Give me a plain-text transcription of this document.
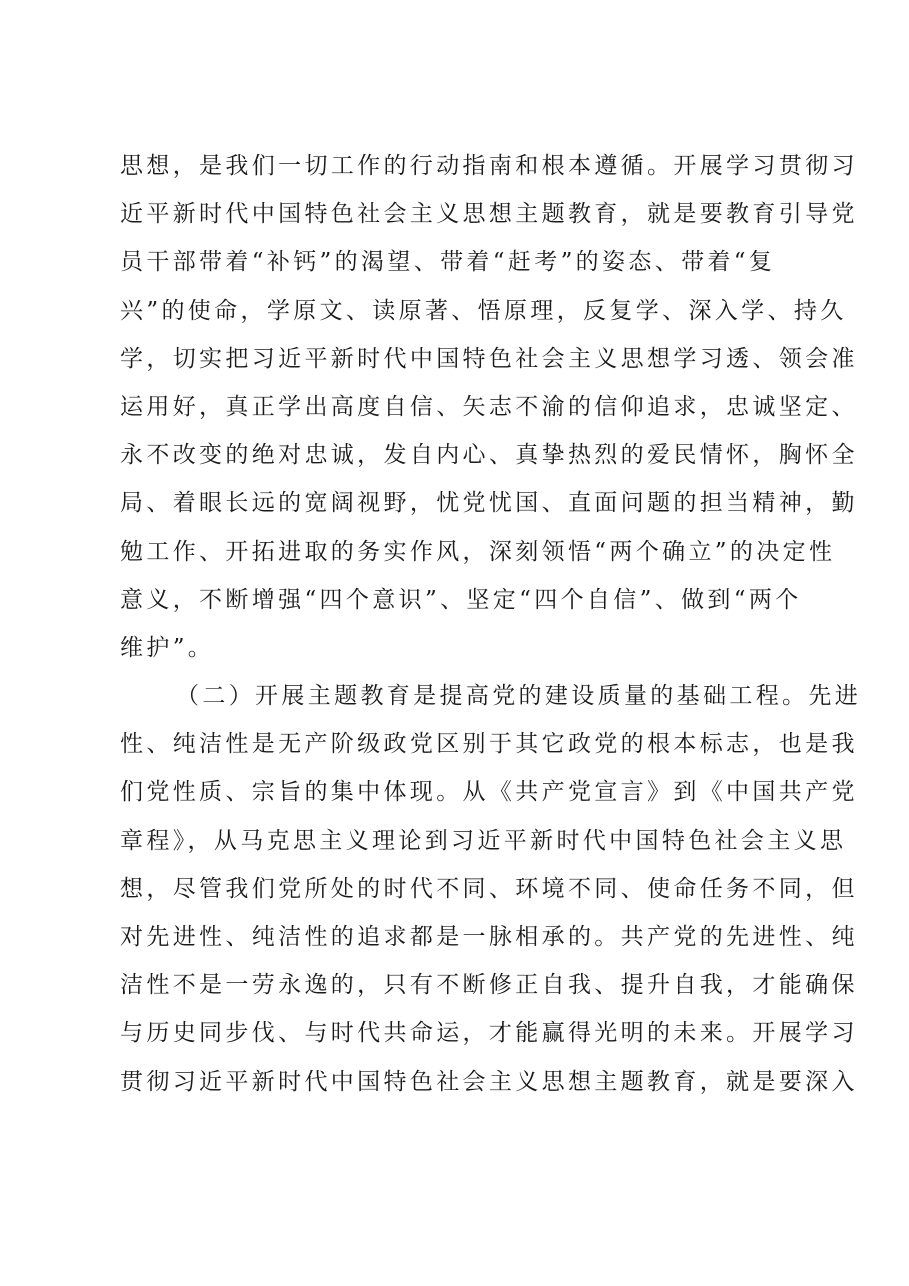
思想，是我们一切工作的行动指南和根本遵循。开展学习贯彻习
近平新时代中国特色社会主义思想主题教育，就是要教育引导党
员干部带着“补钙”的渴望、带着“赶考”的姿态、带着“复
兴”的使命，学原文、读原著、悟原理，反复学、深入学、持久
学，切实把习近平新时代中国特色社会主义思想学习透、领会准
运用好，真正学出高度自信、矢志不渝的信仰追求，忠诚坚定、
永不改变的绝对忠诚，发自内心、真挚热烈的爱民情怀，胸怀全
局、着眼长远的宽阔视野，忧党忧国、直面问题的担当精神，勤
勉工作、开拓进取的务实作风，深刻领悟“两个确立”的决定性
意义，不断增强“四个意识”、坚定“四个自信”、做到“两个
维护”。
（二）开展主题教育是提高党的建设质量的基础工程。先进
性、纯洁性是无产阶级政党区别于其它政党的根本标志，也是我
们党性质、宗旨的集中体现。从《共产党宣言》到《中国共产党
章程》，从马克思主义理论到习近平新时代中国特色社会主义思
想，尽管我们党所处的时代不同、环境不同、使命任务不同，但
对先进性、纯洁性的追求都是一脉相承的。共产党的先进性、纯
洁性不是一劳永逸的，只有不断修正自我、提升自我，才能确保
与历史同步伐、与时代共命运，才能赢得光明的未来。开展学习
贯彻习近平新时代中国特色社会主义思想主题教育，就是要深入
